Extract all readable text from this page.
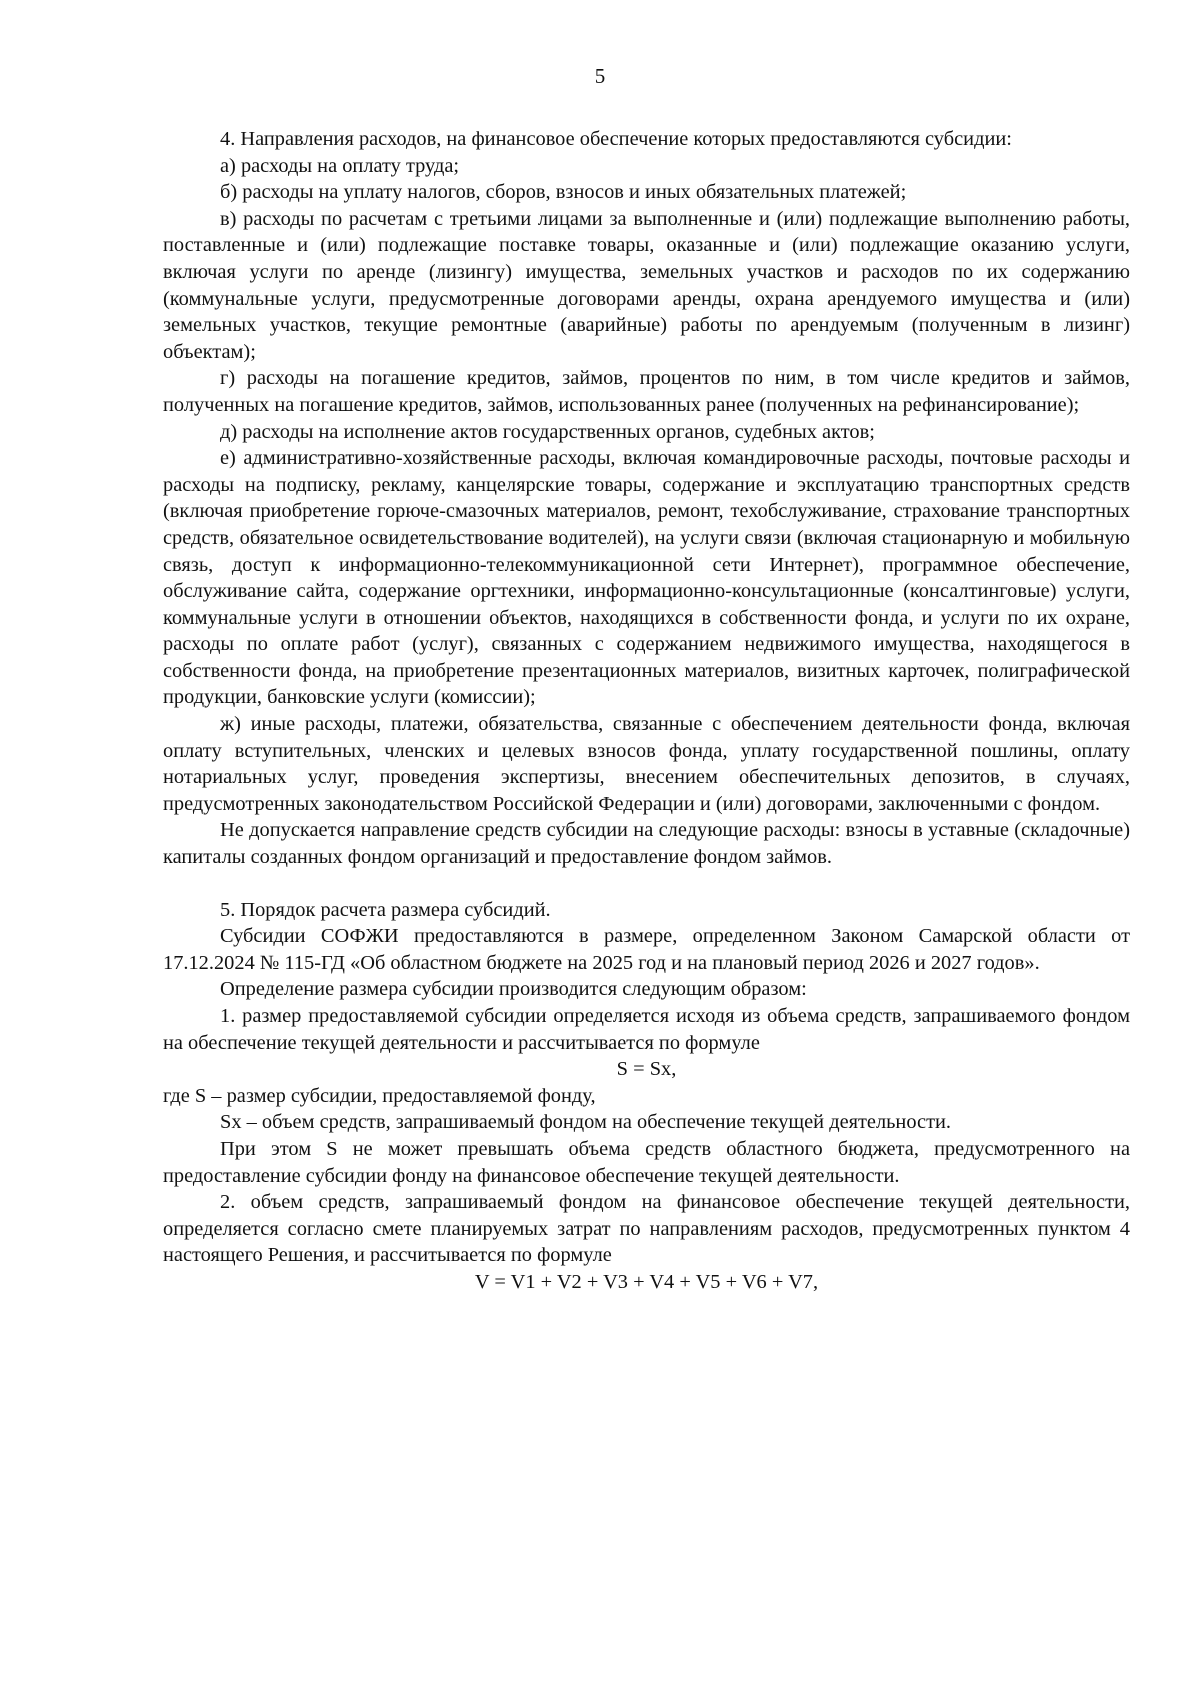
5

4. Направления расходов, на финансовое обеспечение которых предоставляются субсидии:

а) расходы на оплату труда;

б) расходы на уплату налогов, сборов, взносов и иных обязательных платежей;

в) расходы по расчетам с третьими лицами за выполненные и (или) подлежащие выполнению работы, поставленные и (или) подлежащие поставке товары, оказанные и (или) подлежащие оказанию услуги, включая услуги по аренде (лизингу) имущества, земельных участков и расходов по их содержанию (коммунальные услуги, предусмотренные договорами аренды, охрана арендуемого имущества и (или) земельных участков, текущие ремонтные (аварийные) работы по арендуемым (полученным в лизинг) объектам);

г) расходы на погашение кредитов, займов, процентов по ним, в том числе кредитов и займов, полученных на погашение кредитов, займов, использованных ранее (полученных на рефинансирование);

д) расходы на исполнение актов государственных органов, судебных актов;

е) административно-хозяйственные расходы, включая командировочные расходы, почтовые расходы и расходы на подписку, рекламу, канцелярские товары, содержание и эксплуатацию транспортных средств (включая приобретение горюче-смазочных материалов, ремонт, техобслуживание, страхование транспортных средств, обязательное освидетельствование водителей), на услуги связи (включая стационарную и мобильную связь, доступ к информационно-телекоммуникационной сети Интернет), программное обеспечение, обслуживание сайта, содержание оргтехники, информационно-консультационные (консалтинговые) услуги, коммунальные услуги в отношении объектов, находящихся в собственности фонда, и услуги по их охране, расходы по оплате работ (услуг), связанных с содержанием недвижимого имущества, находящегося в собственности фонда, на приобретение презентационных материалов, визитных карточек, полиграфической продукции, банковские услуги (комиссии);

ж) иные расходы, платежи, обязательства, связанные с обеспечением деятельности фонда, включая оплату вступительных, членских и целевых взносов фонда, уплату государственной пошлины, оплату нотариальных услуг, проведения экспертизы, внесением обеспечительных депозитов, в случаях, предусмотренных законодательством Российской Федерации и (или) договорами, заключенными с фондом.

Не допускается направление средств субсидии на следующие расходы: взносы в уставные (складочные) капиталы созданных фондом организаций и предоставление фондом займов.

5. Порядок расчета размера субсидий.

Субсидии СОФЖИ предоставляются в размере, определенном Законом Самарской области от 17.12.2024 № 115-ГД «Об областном бюджете на 2025 год и на плановый период 2026 и 2027 годов».

Определение размера субсидии производится следующим образом:

1. размер предоставляемой субсидии определяется исходя из объема средств, запрашиваемого фондом на обеспечение текущей деятельности и рассчитывается по формуле

S = Sx,

где S – размер субсидии, предоставляемой фонду,

Sx – объем средств, запрашиваемый фондом на обеспечение текущей деятельности.

При этом S не может превышать объема средств областного бюджета, предусмотренного на предоставление субсидии фонду на финансовое обеспечение текущей деятельности.

2. объем средств, запрашиваемый фондом на финансовое обеспечение текущей деятельности, определяется согласно смете планируемых затрат по направлениям расходов, предусмотренных пунктом 4 настоящего Решения, и рассчитывается по формуле

V = V1 + V2 + V3 + V4 + V5 + V6 + V7,
